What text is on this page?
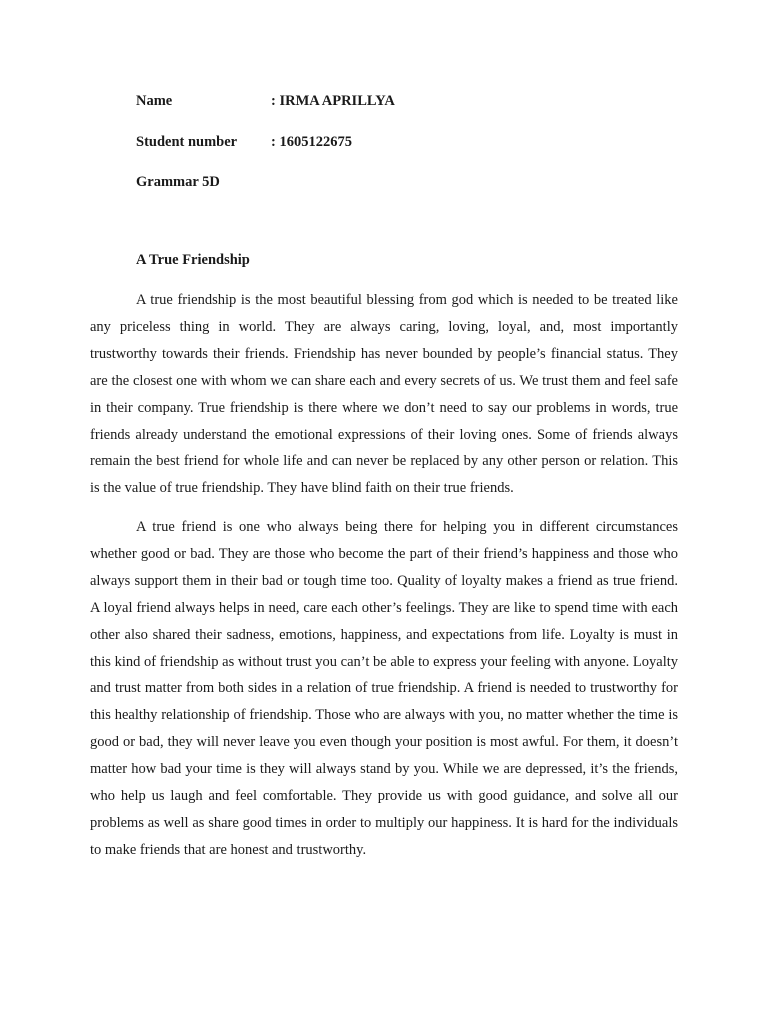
Name	: IRMA APRILLYA
Student number : 1605122675
Grammar 5D
A True Friendship

A true friendship is the most beautiful blessing from god which is needed to be treated like any priceless thing in world. They are always caring, loving, loyal, and, most importantly trustworthy towards their friends. Friendship has never bounded by people’s financial status. They are the closest one with whom we can share each and every secrets of us. We trust them and feel safe in their company. True friendship is there where we don’t need to say our problems in words, true friends already understand the emotional expressions of their loving ones. Some of friends always remain the best friend for whole life and can never be replaced by any other person or relation. This is the value of true friendship. They have blind faith on their true friends.

A true friend is one who always being there for helping you in different circumstances whether good or bad. They are those who become the part of their friend’s happiness and those who always support them in their bad or tough time too. Quality of loyalty makes a friend as true friend. A loyal friend always helps in need, care each other’s feelings. They are like to spend time with each other also shared their sadness, emotions, happiness, and expectations from life. Loyalty is must in this kind of friendship as without trust you can’t be able to express your feeling with anyone. Loyalty and trust matter from both sides in a relation of true friendship. A friend is needed to trustworthy for this healthy relationship of friendship. Those who are always with you, no matter whether the time is good or bad, they will never leave you even though your position is most awful. For them, it doesn’t matter how bad your time is they will always stand by you. While we are depressed, it’s the friends, who help us laugh and feel comfortable. They provide us with good guidance, and solve all our problems as well as share good times in order to multiply our happiness. It is hard for the individuals to make friends that are honest and trustworthy.
